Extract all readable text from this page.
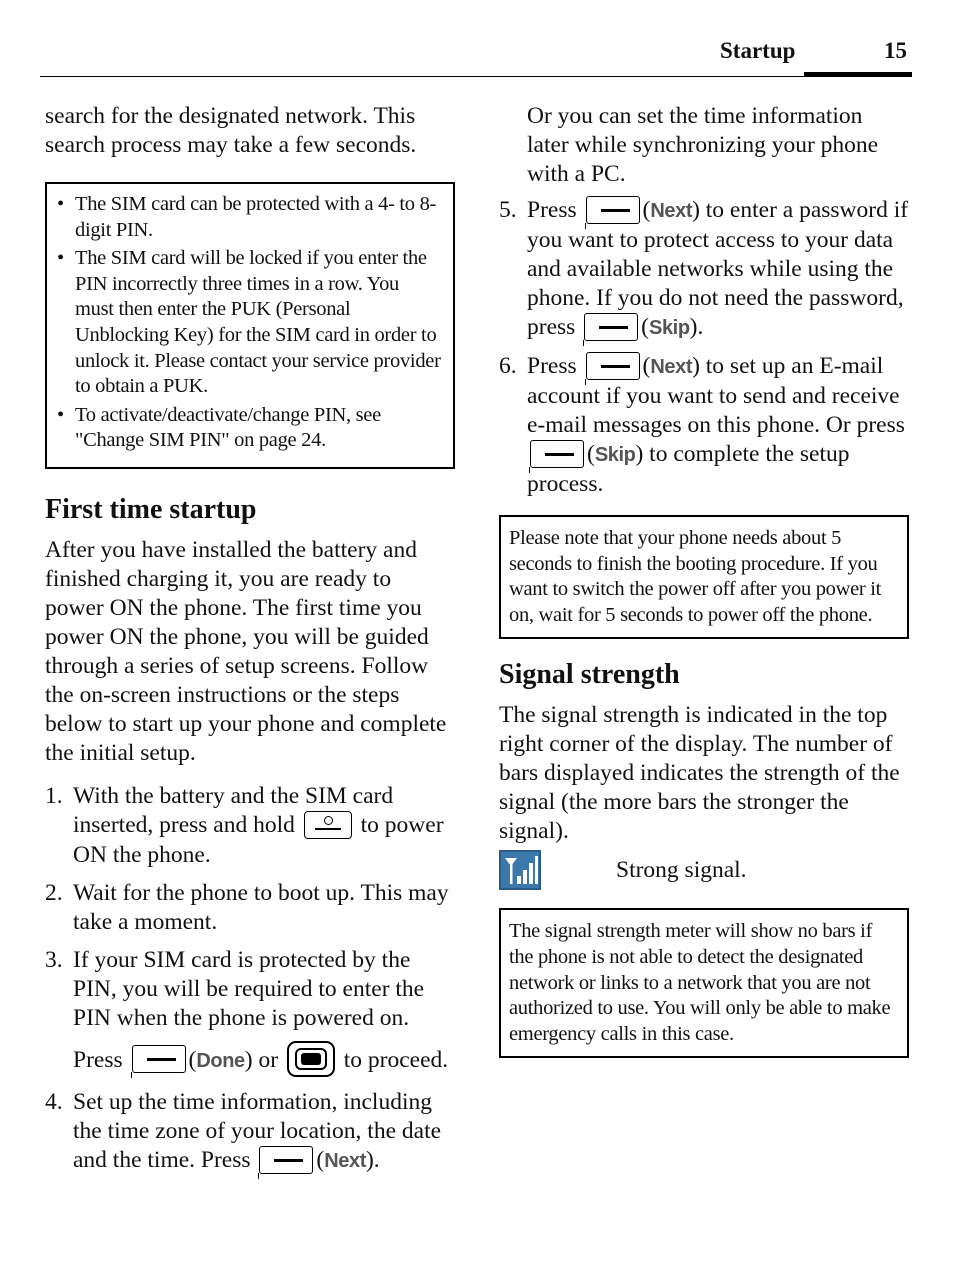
Startup	15

search for the designated network. This search process may take a few seconds.

• The SIM card can be protected with a 4- to 8-digit PIN.
• The SIM card will be locked if you enter the PIN incorrectly three times in a row. You must then enter the PUK (Personal Unblocking Key) for the SIM card in order to unlock it. Please contact your service provider to obtain a PUK.
• To activate/deactivate/change PIN, see "Change SIM PIN" on page 24.
First time startup

After you have installed the battery and finished charging it, you are ready to power ON the phone. The first time you power ON the phone, you will be guided through a series of setup screens. Follow the on-screen instructions or the steps below to start up your phone and complete the initial setup.

1. With the battery and the SIM card inserted, press and hold	to power ON the phone.
2. Wait for the phone to boot up. This may take a moment.
3. If your SIM card is protected by the PIN, you will be required to enter the PIN when the phone is powered on.
Press	(Done) or	to proceed.
4. Set up the time information, including the time zone of your location, the date and the time. Press	(Next).

Or you can set the time information later while synchronizing your phone with a PC.

5. Press	(Next) to enter a password if you want to protect access to your data and available networks while using the phone. If you do not need the password, press	(Skip).
6. Press	(Next) to set up an E-mail account if you want to send and receive e-mail messages on this phone. Or press (Skip) to complete the setup process.
Please note that your phone needs about 5 seconds to finish the booting procedure. If you want to switch the power off after you power it on, wait for 5 seconds to power off the phone.
Signal strength

The signal strength is indicated in the top right corner of the display. The number of bars displayed indicates the strength of the signal (the more bars the stronger the signal).

Strong signal.
The signal strength meter will show no bars if the phone is not able to detect the designated network or links to a network that you are not authorized to use. You will only be able to make emergency calls in this case.
